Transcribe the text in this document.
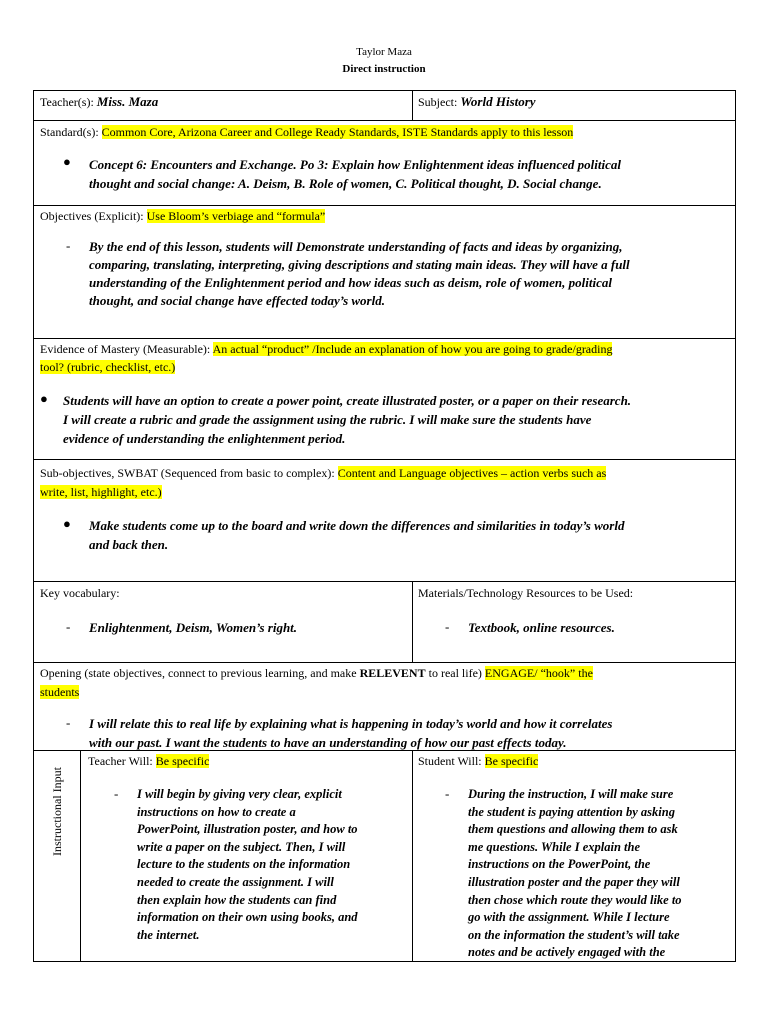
Taylor Maza
Direct instruction
Teacher(s): Miss. Maza	Subject: World History
Standard(s): Common Core, Arizona Career and College Ready Standards, ISTE Standards apply to this lesson
● Concept 6: Encounters and Exchange. Po 3: Explain how Enlightenment ideas influenced political
thought and social change: A. Deism, B. Role of women, C. Political thought, D. Social change.
Objectives (Explicit): Use Bloom’s verbiage and “formula”
- By the end of this lesson, students will Demonstrate understanding of facts and ideas by organizing,
comparing, translating, interpreting, giving descriptions and stating main ideas. They will have a full
understanding of the Enlightenment period and how ideas such as deism, role of women, political
thought, and social change have effected today’s world.
Evidence of Mastery (Measurable): An actual “product” /Include an explanation of how you are going to grade/grading
tool? (rubric, checklist, etc.)
● Students will have an option to create a power point, create illustrated poster, or a paper on their research.
I will create a rubric and grade the assignment using the rubric. I will make sure the students have
evidence of understanding the enlightenment period.
Sub-objectives, SWBAT (Sequenced from basic to complex): Content and Language objectives – action verbs such as
write, list, highlight, etc.)
● Make students come up to the board and write down the differences and similarities in today’s world
and back then.
Key vocabulary:
- Enlightenment, Deism, Women’s right.
Materials/Technology Resources to be Used:
- Textbook, online resources.
Opening (state objectives, connect to previous learning, and make RELEVENT to real life) ENGAGE/ “hook” the
students
- I will relate this to real life by explaining what is happening in today’s world and how it correlates
with our past. I want the students to have an understanding of how our past effects today.
Instructional Input
Teacher Will: Be specific
- I will begin by giving very clear, explicit
instructions on how to create a
PowerPoint, illustration poster, and how to
write a paper on the subject. Then, I will
lecture to the students on the information
needed to create the assignment. I will
then explain how the students can find
information on their own using books, and
the internet.
Student Will: Be specific
- During the instruction, I will make sure
the student is paying attention by asking
them questions and allowing them to ask
me questions. While I explain the
instructions on the PowerPoint, the
illustration poster and the paper they will
then chose which route they would like to
go with the assignment. While I lecture
on the information the student’s will take
notes and be actively engaged with the
